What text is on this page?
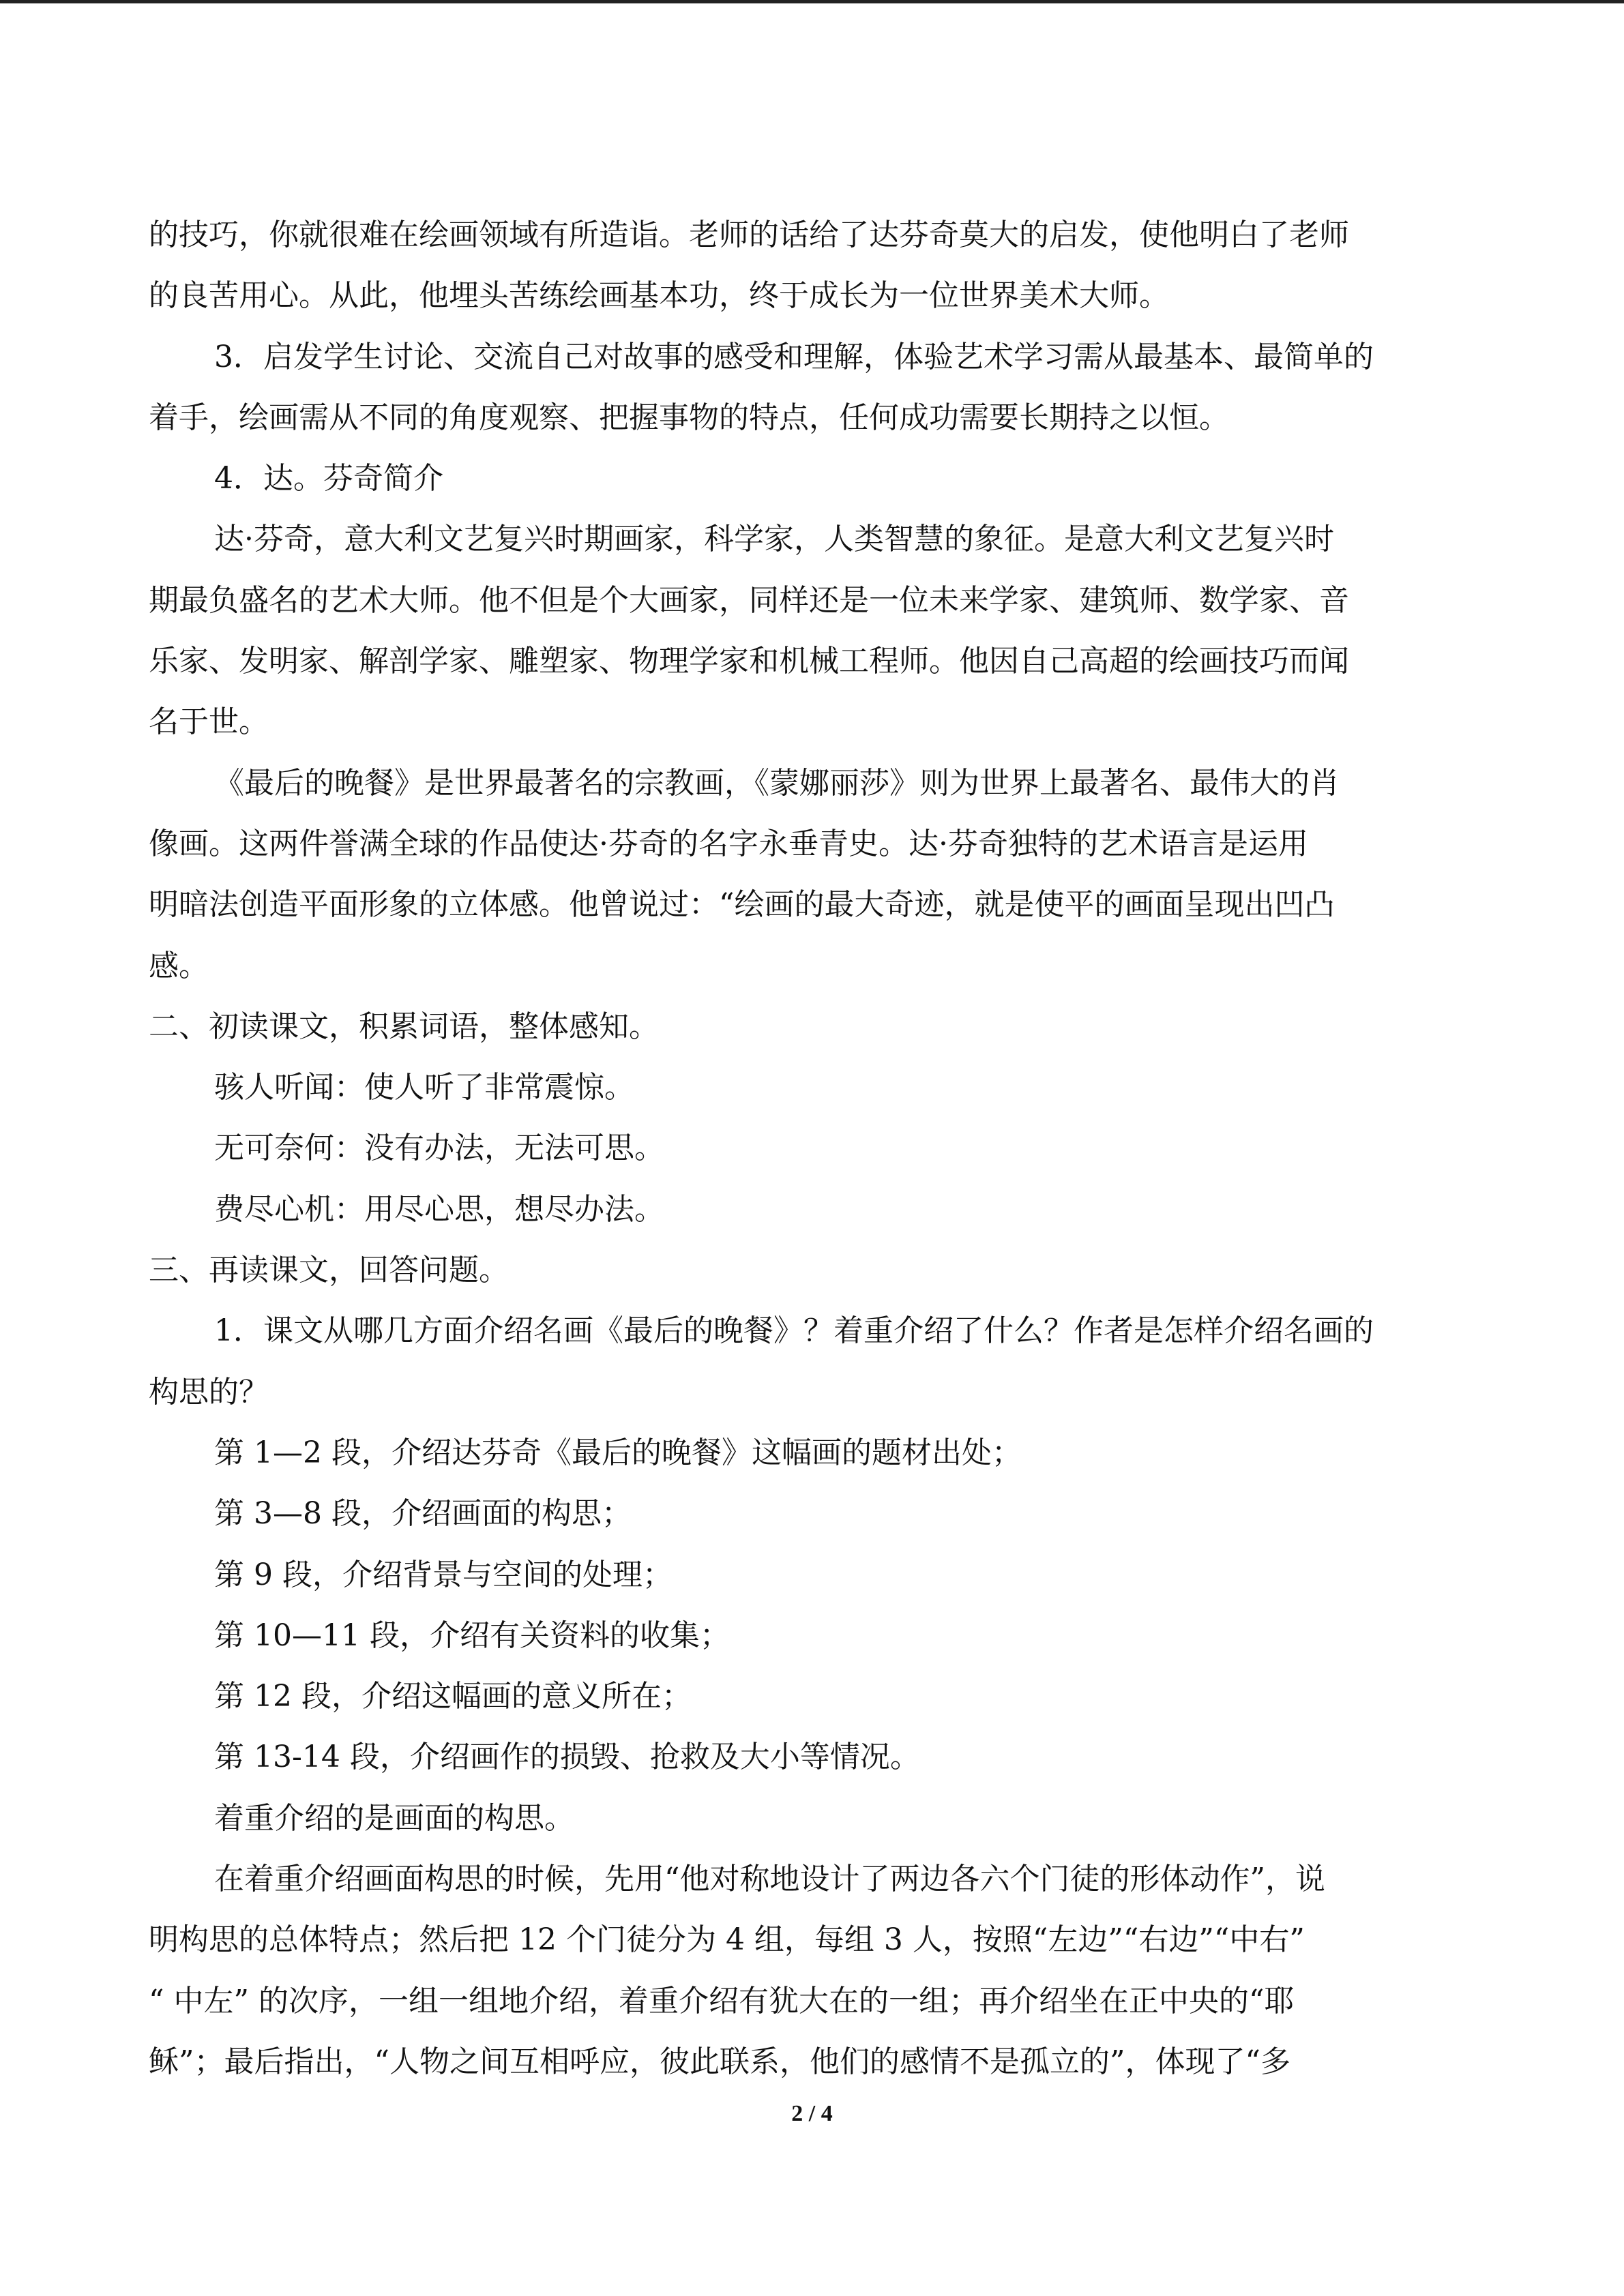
的技巧，你就很难在绘画领域有所造诣。老师的话给了达芬奇莫大的启发，使他明白了老师
的良苦用心。从此，他埋头苦练绘画基本功，终于成长为一位世界美术大师。
3．启发学生讨论、交流自己对故事的感受和理解，体验艺术学习需从最基本、最简单的
着手，绘画需从不同的角度观察、把握事物的特点，任何成功需要长期持之以恒。
4．达。芬奇简介
达·芬奇，意大利文艺复兴时期画家，科学家，人类智慧的象征。是意大利文艺复兴时
期最负盛名的艺术大师。他不但是个大画家，同样还是一位未来学家、建筑师、数学家、音
乐家、发明家、解剖学家、雕塑家、物理学家和机械工程师。他因自己高超的绘画技巧而闻
名于世。
《最后的晚餐》是世界最著名的宗教画，《蒙娜丽莎》则为世界上最著名、最伟大的肖
像画。这两件誉满全球的作品使达·芬奇的名字永垂青史。达·芬奇独特的艺术语言是运用
明暗法创造平面形象的立体感。他曾说过：“绘画的最大奇迹，就是使平的画面呈现出凹凸
感。
二、初读课文，积累词语，整体感知。
骇人听闻：使人听了非常震惊。
无可奈何：没有办法，无法可思。
费尽心机：用尽心思，想尽办法。
三、再读课文，回答问题。
1．课文从哪几方面介绍名画《最后的晚餐》？着重介绍了什么？作者是怎样介绍名画的
构思的？
第 1—2 段，介绍达芬奇《最后的晚餐》这幅画的题材出处；
第 3—8 段，介绍画面的构思；
第 9 段，介绍背景与空间的处理；
第 10—11 段，介绍有关资料的收集；
第 12 段，介绍这幅画的意义所在；
第 13-14 段，介绍画作的损毁、抢救及大小等情况。
着重介绍的是画面的构思。
在着重介绍画面构思的时候，先用“他对称地设计了两边各六个门徒的形体动作”，说
明构思的总体特点；然后把 12 个门徒分为 4 组，每组 3 人，按照“左边”“右边”“中右”
“ 中左” 的次序，一组一组地介绍，着重介绍有犹大在的一组；再介绍坐在正中央的“耶
稣”；最后指出，“人物之间互相呼应，彼此联系，他们的感情不是孤立的”，体现了“多
2 / 4
